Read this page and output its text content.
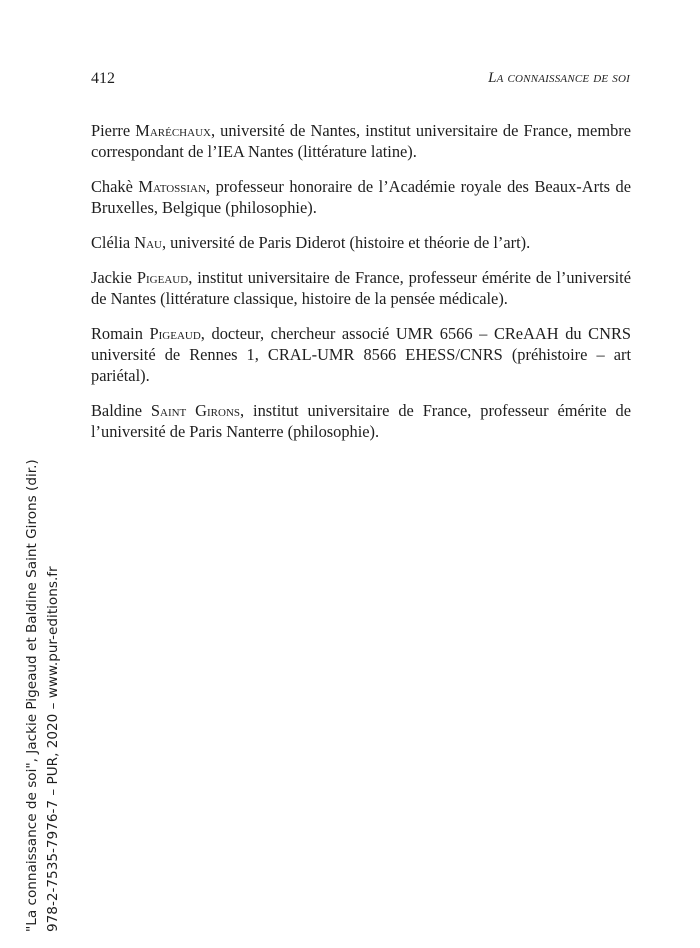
412	La connaissance de soi

Pierre Maréchaux, université de Nantes, institut universitaire de France, membre correspondant de l’IEA Nantes (littérature latine).

Chakè Matossian, professeur honoraire de l’Académie royale des Beaux-Arts de Bruxelles, Belgique (philosophie).

Clélia Nau, université de Paris Diderot (histoire et théorie de l’art).

Jackie Pigeaud, institut universitaire de France, professeur émérite de l’université de Nantes (littérature classique, histoire de la pensée médicale).

Romain Pigeaud, docteur, chercheur associé UMR 6566 – CReAAH du CNRS université de Rennes 1, CRAL-UMR 8566 EHESS/CNRS (préhistoire – art pariétal).

Baldine Saint Girons, institut universitaire de France, professeur émérite de l’université de Paris Nanterre (philosophie).

"La connaissance de soi", Jackie Pigeaud et Baldine Saint Girons (dir.) 978-2-7535-7976-7 – PUR, 2020 – www.pur-editions.fr
